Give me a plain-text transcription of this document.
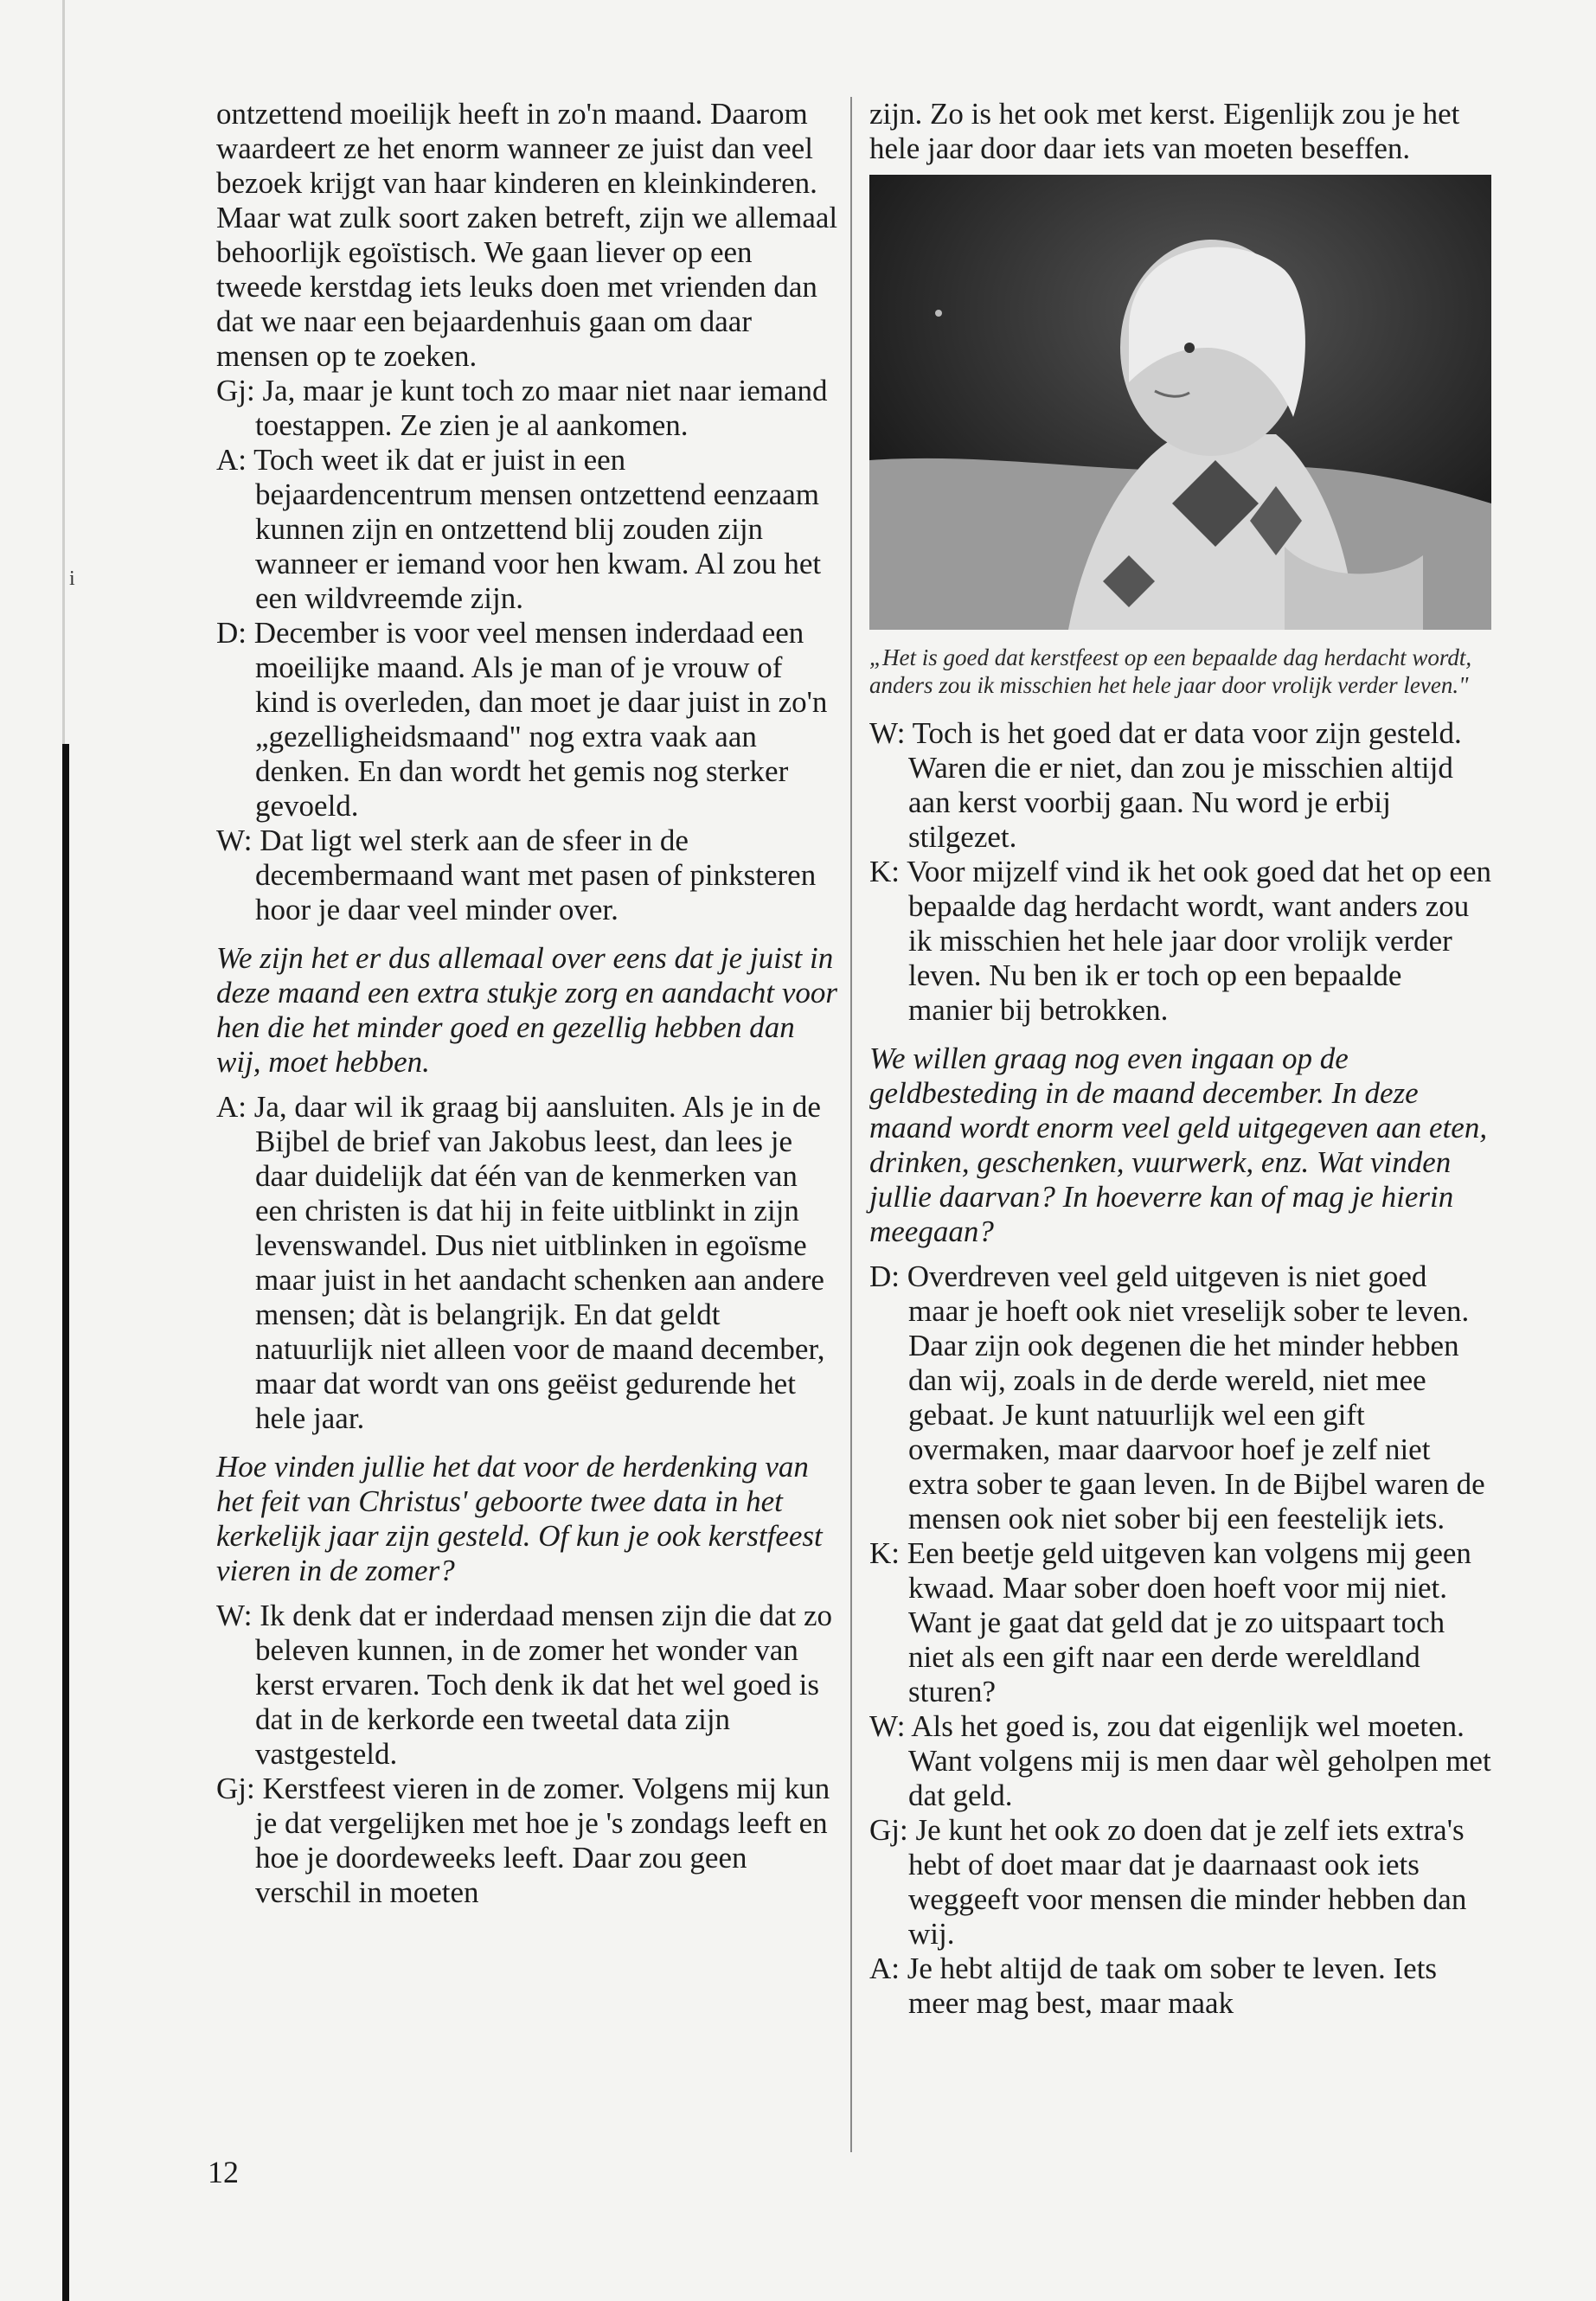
i

ontzettend moeilijk heeft in zo'n maand. Daarom waardeert ze het enorm wanneer ze juist dan veel bezoek krijgt van haar kinderen en kleinkinderen. Maar wat zulk soort zaken betreft, zijn we allemaal behoorlijk egoïstisch. We gaan liever op een tweede kerstdag iets leuks doen met vrienden dan dat we naar een bejaardenhuis gaan om daar mensen op te zoeken.

Gj: Ja, maar je kunt toch zo maar niet naar iemand toestappen. Ze zien je al aankomen.

A: Toch weet ik dat er juist in een bejaardencentrum mensen ontzettend eenzaam kunnen zijn en ontzettend blij zouden zijn wanneer er iemand voor hen kwam. Al zou het een wildvreemde zijn.

D: December is voor veel mensen inderdaad een moeilijke maand. Als je man of je vrouw of kind is overleden, dan moet je daar juist in zo'n „gezelligheidsmaand" nog extra vaak aan denken. En dan wordt het gemis nog sterker gevoeld.

W: Dat ligt wel sterk aan de sfeer in de decembermaand want met pasen of pinksteren hoor je daar veel minder over.

We zijn het er dus allemaal over eens dat je juist in deze maand een extra stukje zorg en aandacht voor hen die het minder goed en gezellig hebben dan wij, moet hebben.

A: Ja, daar wil ik graag bij aansluiten. Als je in de Bijbel de brief van Jakobus leest, dan lees je daar duidelijk dat één van de kenmerken van een christen is dat hij in feite uitblinkt in zijn levenswandel. Dus niet uitblinken in egoïsme maar juist in het aandacht schenken aan andere mensen; dàt is belangrijk. En dat geldt natuurlijk niet alleen voor de maand december, maar dat wordt van ons geëist gedurende het hele jaar.

Hoe vinden jullie het dat voor de herdenking van het feit van Christus' geboorte twee data in het kerkelijk jaar zijn gesteld. Of kun je ook kerstfeest vieren in de zomer?

W: Ik denk dat er inderdaad mensen zijn die dat zo beleven kunnen, in de zomer het wonder van kerst ervaren. Toch denk ik dat het wel goed is dat in de kerkorde een tweetal data zijn vastgesteld.

Gj: Kerstfeest vieren in de zomer. Volgens mij kun je dat vergelijken met hoe je 's zondags leeft en hoe je doordeweeks leeft. Daar zou geen verschil in moeten

zijn. Zo is het ook met kerst. Eigenlijk zou je het hele jaar door daar iets van moeten beseffen.

„Het is goed dat kerstfeest op een bepaalde dag herdacht wordt, anders zou ik misschien het hele jaar door vrolijk verder leven."

W: Toch is het goed dat er data voor zijn gesteld. Waren die er niet, dan zou je misschien altijd aan kerst voorbij gaan. Nu word je erbij stilgezet.

K: Voor mijzelf vind ik het ook goed dat het op een bepaalde dag herdacht wordt, want anders zou ik misschien het hele jaar door vrolijk verder leven. Nu ben ik er toch op een bepaalde manier bij betrokken.

We willen graag nog even ingaan op de geldbesteding in de maand december. In deze maand wordt enorm veel geld uitgegeven aan eten, drinken, geschenken, vuurwerk, enz. Wat vinden jullie daarvan? In hoeverre kan of mag je hierin meegaan?

D: Overdreven veel geld uitgeven is niet goed maar je hoeft ook niet vreselijk sober te leven. Daar zijn ook degenen die het minder hebben dan wij, zoals in de derde wereld, niet mee gebaat. Je kunt natuurlijk wel een gift overmaken, maar daarvoor hoef je zelf niet extra sober te gaan leven. In de Bijbel waren de mensen ook niet sober bij een feestelijk iets.

K: Een beetje geld uitgeven kan volgens mij geen kwaad. Maar sober doen hoeft voor mij niet. Want je gaat dat geld dat je zo uitspaart toch niet als een gift naar een derde wereldland sturen?

W: Als het goed is, zou dat eigenlijk wel moeten. Want volgens mij is men daar wèl geholpen met dat geld.

Gj: Je kunt het ook zo doen dat je zelf iets extra's hebt of doet maar dat je daarnaast ook iets weggeeft voor mensen die minder hebben dan wij.

A: Je hebt altijd de taak om sober te leven. Iets meer mag best, maar maak

12
